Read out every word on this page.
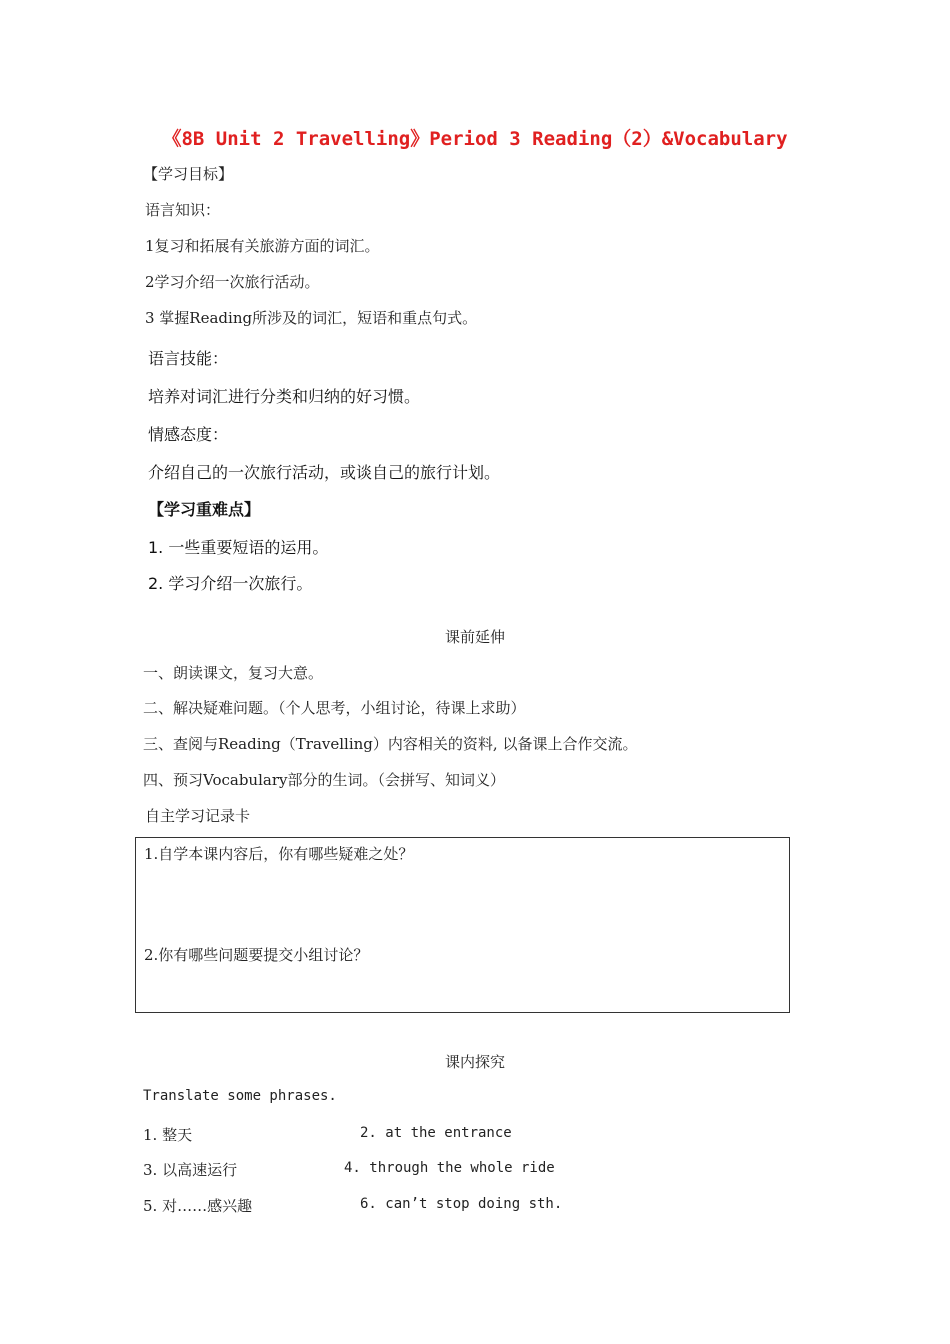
《8B Unit 2 Travelling》Period 3 Reading（2）&Vocabulary
【学习目标】
语言知识：
1复习和拓展有关旅游方面的词汇。
2学习介绍一次旅行活动。
3 掌握Reading所涉及的词汇，短语和重点句式。
语言技能：
培养对词汇进行分类和归纳的好习惯。
情感态度：
介绍自己的一次旅行活动，或谈自己的旅行计划。
【学习重难点】
1. 一些重要短语的运用。
2. 学习介绍一次旅行。
课前延伸
一、朗读课文，复习大意。
二、解决疑难问题。（个人思考，小组讨论，待课上求助）
三、查阅与Reading（Travelling）内容相关的资料, 以备课上合作交流。
四、预习Vocabulary部分的生词。（会拼写、知词义）
自主学习记录卡
1.自学本课内容后，你有哪些疑难之处？
2.你有哪些问题要提交小组讨论？
课内探究
Translate some phrases.
1. 整天	2. at the entrance
3. 以高速运行	4. through the whole ride
5. 对……感兴趣	6. can’t stop doing sth.
